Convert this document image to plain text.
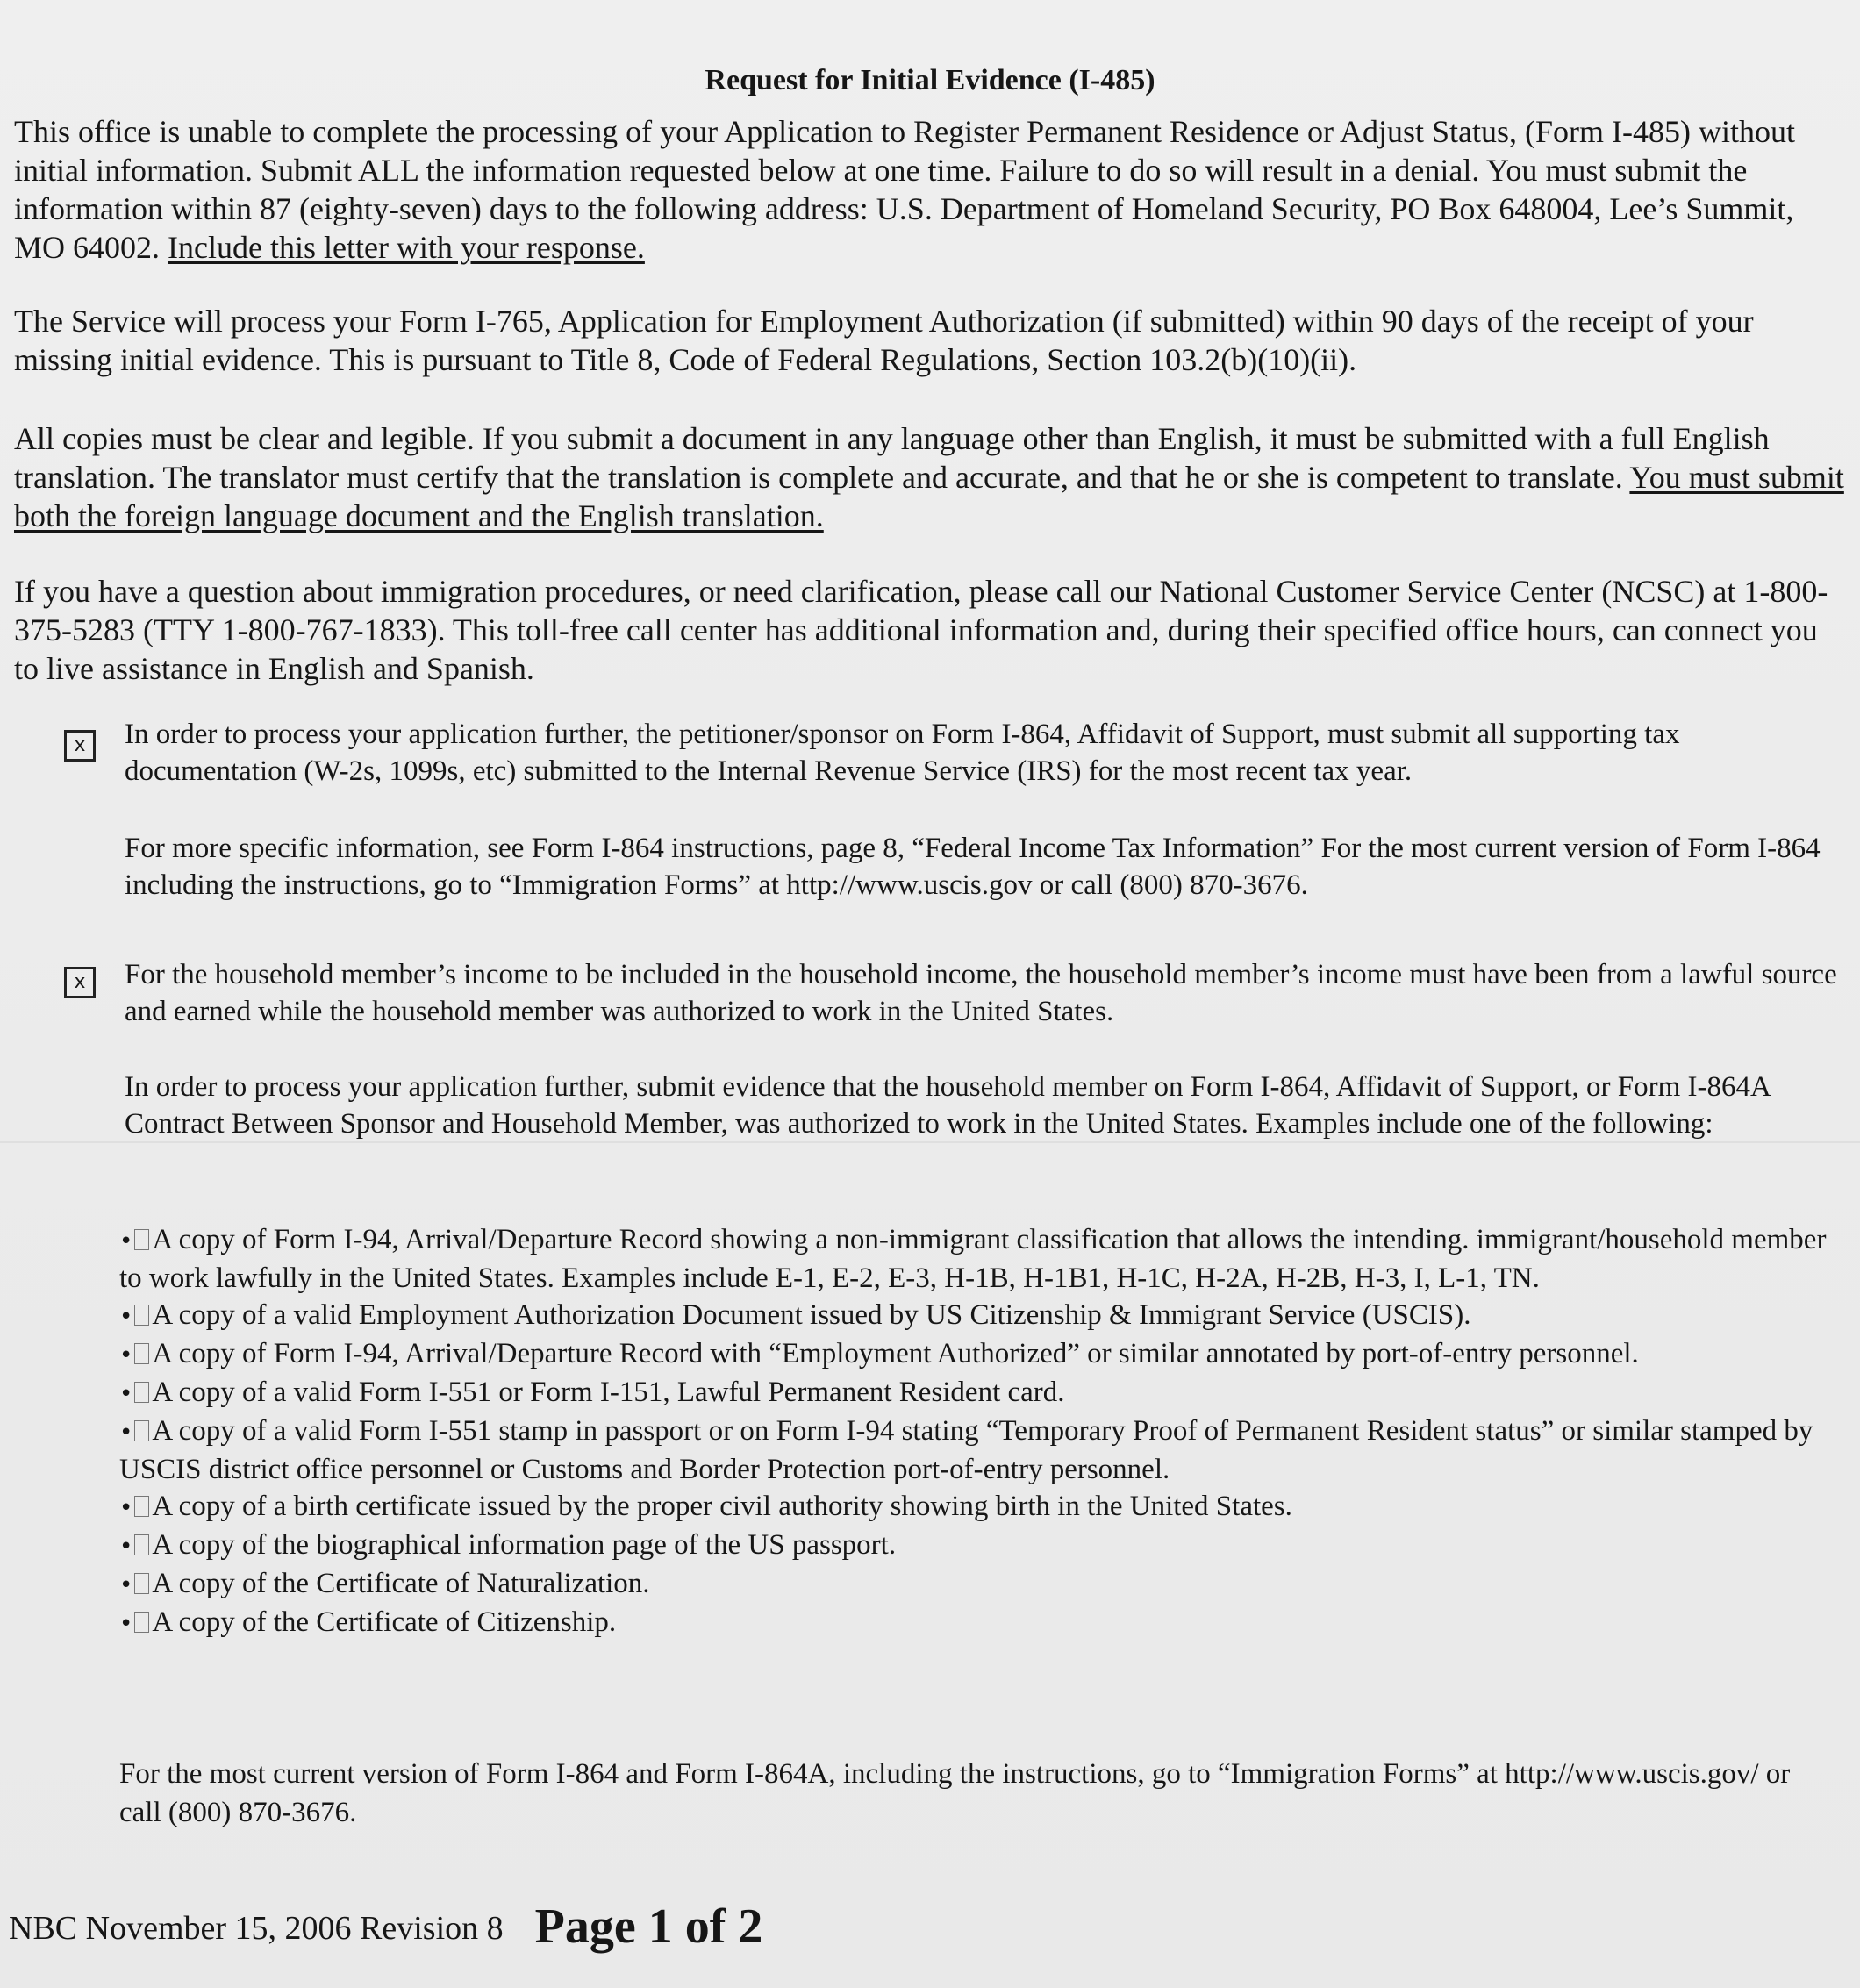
Request for Initial Evidence (I-485)

This office is unable to complete the processing of your Application to Register Permanent Residence or Adjust Status, (Form I-485) without initial information. Submit ALL the information requested below at one time. Failure to do so will result in a denial. You must submit the information within 87 (eighty-seven) days to the following address: U.S. Department of Homeland Security, PO Box 648004, Lee’s Summit, MO 64002. Include this letter with your response.

The Service will process your Form I-765, Application for Employment Authorization (if submitted) within 90 days of the receipt of your missing initial evidence. This is pursuant to Title 8, Code of Federal Regulations, Section 103.2(b)(10)(ii).

All copies must be clear and legible. If you submit a document in any language other than English, it must be submitted with a full English translation. The translator must certify that the translation is complete and accurate, and that he or she is competent to translate. You must submit both the foreign language document and the English translation.

If you have a question about immigration procedures, or need clarification, please call our National Customer Service Center (NCSC) at 1-800-375-5283 (TTY 1-800-767-1833). This toll-free call center has additional information and, during their specified office hours, can connect you to live assistance in English and Spanish.

x	In order to process your application further, the petitioner/sponsor on Form I-864, Affidavit of Support, must submit all supporting tax documentation (W-2s, 1099s, etc) submitted to the Internal Revenue Service (IRS) for the most recent tax year.

For more specific information, see Form I-864 instructions, page 8, “Federal Income Tax Information” For the most current version of Form I-864 including the instructions, go to “Immigration Forms” at http://www.uscis.gov or call (800) 870-3676.

x	For the household member’s income to be included in the household income, the household member’s income must have been from a lawful source and earned while the household member was authorized to work in the United States.

In order to process your application further, submit evidence that the household member on Form I-864, Affidavit of Support, or Form I-864A Contract Between Sponsor and Household Member, was authorized to work in the United States. Examples include one of the following:

• A copy of Form I-94, Arrival/Departure Record showing a non-immigrant classification that allows the intending. immigrant/household member to work lawfully in the United States. Examples include E-1, E-2, E-3, H-1B, H-1B1, H-1C, H-2A, H-2B, H-3, I, L-1, TN.
• A copy of a valid Employment Authorization Document issued by US Citizenship & Immigrant Service (USCIS).
• A copy of Form I-94, Arrival/Departure Record with “Employment Authorized” or similar annotated by port-of-entry personnel.
• A copy of a valid Form I-551 or Form I-151, Lawful Permanent Resident card.
• A copy of a valid Form I-551 stamp in passport or on Form I-94 stating “Temporary Proof of Permanent Resident status” or similar stamped by USCIS district office personnel or Customs and Border Protection port-of-entry personnel.
• A copy of a birth certificate issued by the proper civil authority showing birth in the United States.
• A copy of the biographical information page of the US passport.
• A copy of the Certificate of Naturalization.
• A copy of the Certificate of Citizenship.

For the most current version of Form I-864 and Form I-864A, including the instructions, go to “Immigration Forms” at http://www.uscis.gov/ or call (800) 870-3676.

NBC November 15, 2006 Revision 8 Page 1 of 2
